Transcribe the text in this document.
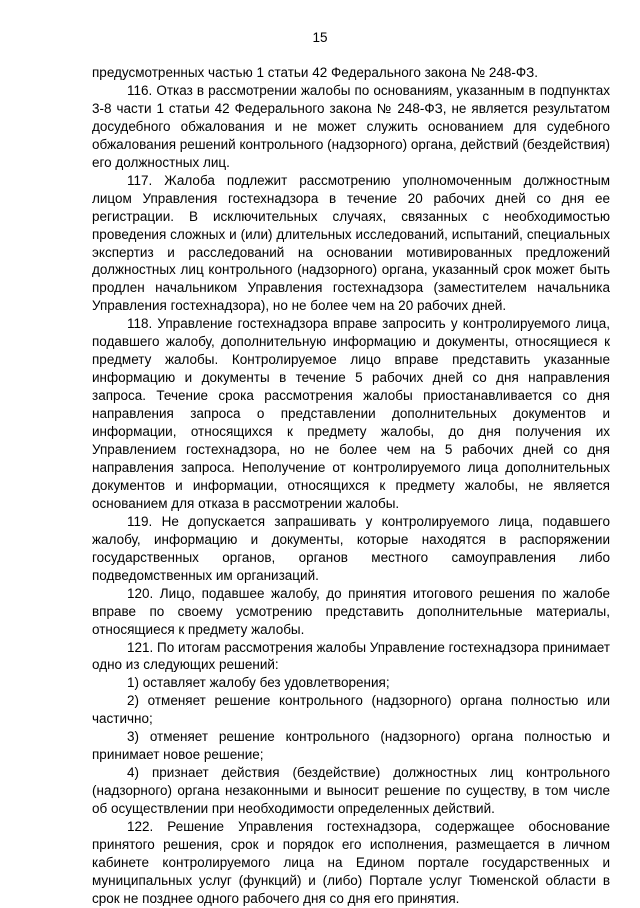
15

предусмотренных частью 1 статьи 42 Федерального закона № 248-ФЗ.

116. Отказ в рассмотрении жалобы по основаниям, указанным в подпунктах 3-8 части 1 статьи 42 Федерального закона № 248-ФЗ, не является результатом досудебного обжалования и не может служить основанием для судебного обжалования решений контрольного (надзорного) органа, действий (бездействия) его должностных лиц.

117. Жалоба подлежит рассмотрению уполномоченным должностным лицом Управления гостехнадзора в течение 20 рабочих дней со дня ее регистрации. В исключительных случаях, связанных с необходимостью проведения сложных и (или) длительных исследований, испытаний, специальных экспертиз и расследований на основании мотивированных предложений должностных лиц контрольного (надзорного) органа, указанный срок может быть продлен начальником Управления гостехнадзора (заместителем начальника Управления гостехнадзора), но не более чем на 20 рабочих дней.

118. Управление гостехнадзора вправе запросить у контролируемого лица, подавшего жалобу, дополнительную информацию и документы, относящиеся к предмету жалобы. Контролируемое лицо вправе представить указанные информацию и документы в течение 5 рабочих дней со дня направления запроса. Течение срока рассмотрения жалобы приостанавливается со дня направления запроса о представлении дополнительных документов и информации, относящихся к предмету жалобы, до дня получения их Управлением гостехнадзора, но не более чем на 5 рабочих дней со дня направления запроса. Неполучение от контролируемого лица дополнительных документов и информации, относящихся к предмету жалобы, не является основанием для отказа в рассмотрении жалобы.

119. Не допускается запрашивать у контролируемого лица, подавшего жалобу, информацию и документы, которые находятся в распоряжении государственных органов, органов местного самоуправления либо подведомственных им организаций.

120. Лицо, подавшее жалобу, до принятия итогового решения по жалобе вправе по своему усмотрению представить дополнительные материалы, относящиеся к предмету жалобы.

121. По итогам рассмотрения жалобы Управление гостехнадзора принимает одно из следующих решений:

1) оставляет жалобу без удовлетворения;

2) отменяет решение контрольного (надзорного) органа полностью или частично;

3) отменяет решение контрольного (надзорного) органа полностью и принимает новое решение;

4) признает действия (бездействие) должностных лиц контрольного (надзорного) органа незаконными и выносит решение по существу, в том числе об осуществлении при необходимости определенных действий.

122. Решение Управления гостехнадзора, содержащее обоснование принятого решения, срок и порядок его исполнения, размещается в личном кабинете контролируемого лица на Едином портале государственных и муниципальных услуг (функций) и (либо) Портале услуг Тюменской области в срок не позднее одного рабочего дня со дня его принятия.
